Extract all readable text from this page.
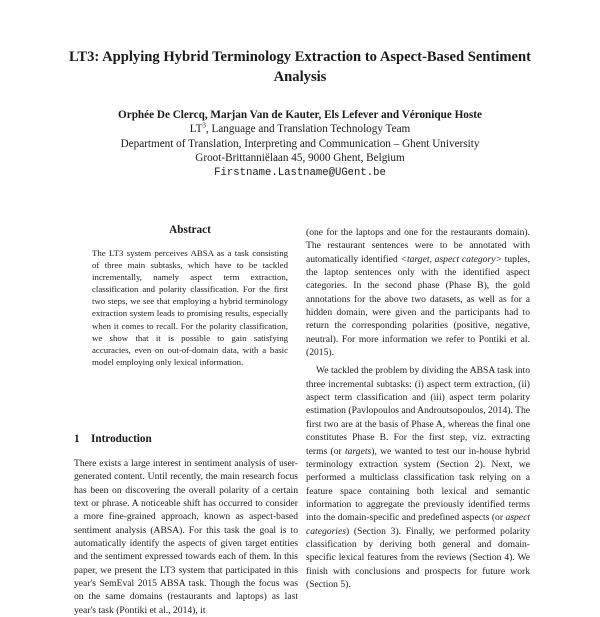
LT3: Applying Hybrid Terminology Extraction to Aspect-Based Sentiment Analysis
Orphée De Clercq, Marjan Van de Kauter, Els Lefever and Véronique Hoste
$LT^3$, Language and Translation Technology Team
Department of Translation, Interpreting and Communication – Ghent University
Groot-Brittanniëlaan 45, 9000 Ghent, Belgium
Firstname.Lastname@UGent.be
Abstract

The LT3 system perceives ABSA as a task consisting of three main subtasks, which have to be tackled incrementally, namely aspect term extraction, classification and polarity classification. For the first two steps, we see that employing a hybrid terminology extraction system leads to promising results, especially when it comes to recall. For the polarity classification, we show that it is possible to gain satisfying accuracies, even on out-of-domain data, with a basic model employing only lexical information.

1 Introduction

There exists a large interest in sentiment analysis of user-generated content. Until recently, the main research focus has been on discovering the overall polarity of a certain text or phrase. A noticeable shift has occurred to consider a more fine-grained approach, known as aspect-based sentiment analysis (ABSA). For this task the goal is to automatically identify the aspects of given target entities and the sentiment expressed towards each of them. In this paper, we present the LT3 system that participated in this year's SemEval 2015 ABSA task. Though the focus was on the same domains (restaurants and laptops) as last year's task (Pontiki et al., 2014), it

(one for the laptops and one for the restaurants domain). The restaurant sentences were to be annotated with automatically identified <target, aspect category> tuples, the laptop sentences only with the identified aspect categories. In the second phase (Phase B), the gold annotations for the above two datasets, as well as for a hidden domain, were given and the participants had to return the corresponding polarities (positive, negative, neutral). For more information we refer to Pontiki et al. (2015).

We tackled the problem by dividing the ABSA task into three incremental subtasks: (i) aspect term extraction, (ii) aspect term classification and (iii) aspect term polarity estimation (Pavlopoulos and Androutsopoulos, 2014). The first two are at the basis of Phase A, whereas the final one constitutes Phase B. For the first step, viz. extracting terms (or targets), we wanted to test our in-house hybrid terminology extraction system (Section 2). Next, we performed a multiclass classification task relying on a feature space containing both lexical and semantic information to aggregate the previously identified terms into the domain-specific and predefined aspects (or aspect categories) (Section 3). Finally, we performed polarity classification by deriving both general and domain-specific lexical features from the reviews (Section 4). We finish with conclusions and prospects for future work (Section 5).
